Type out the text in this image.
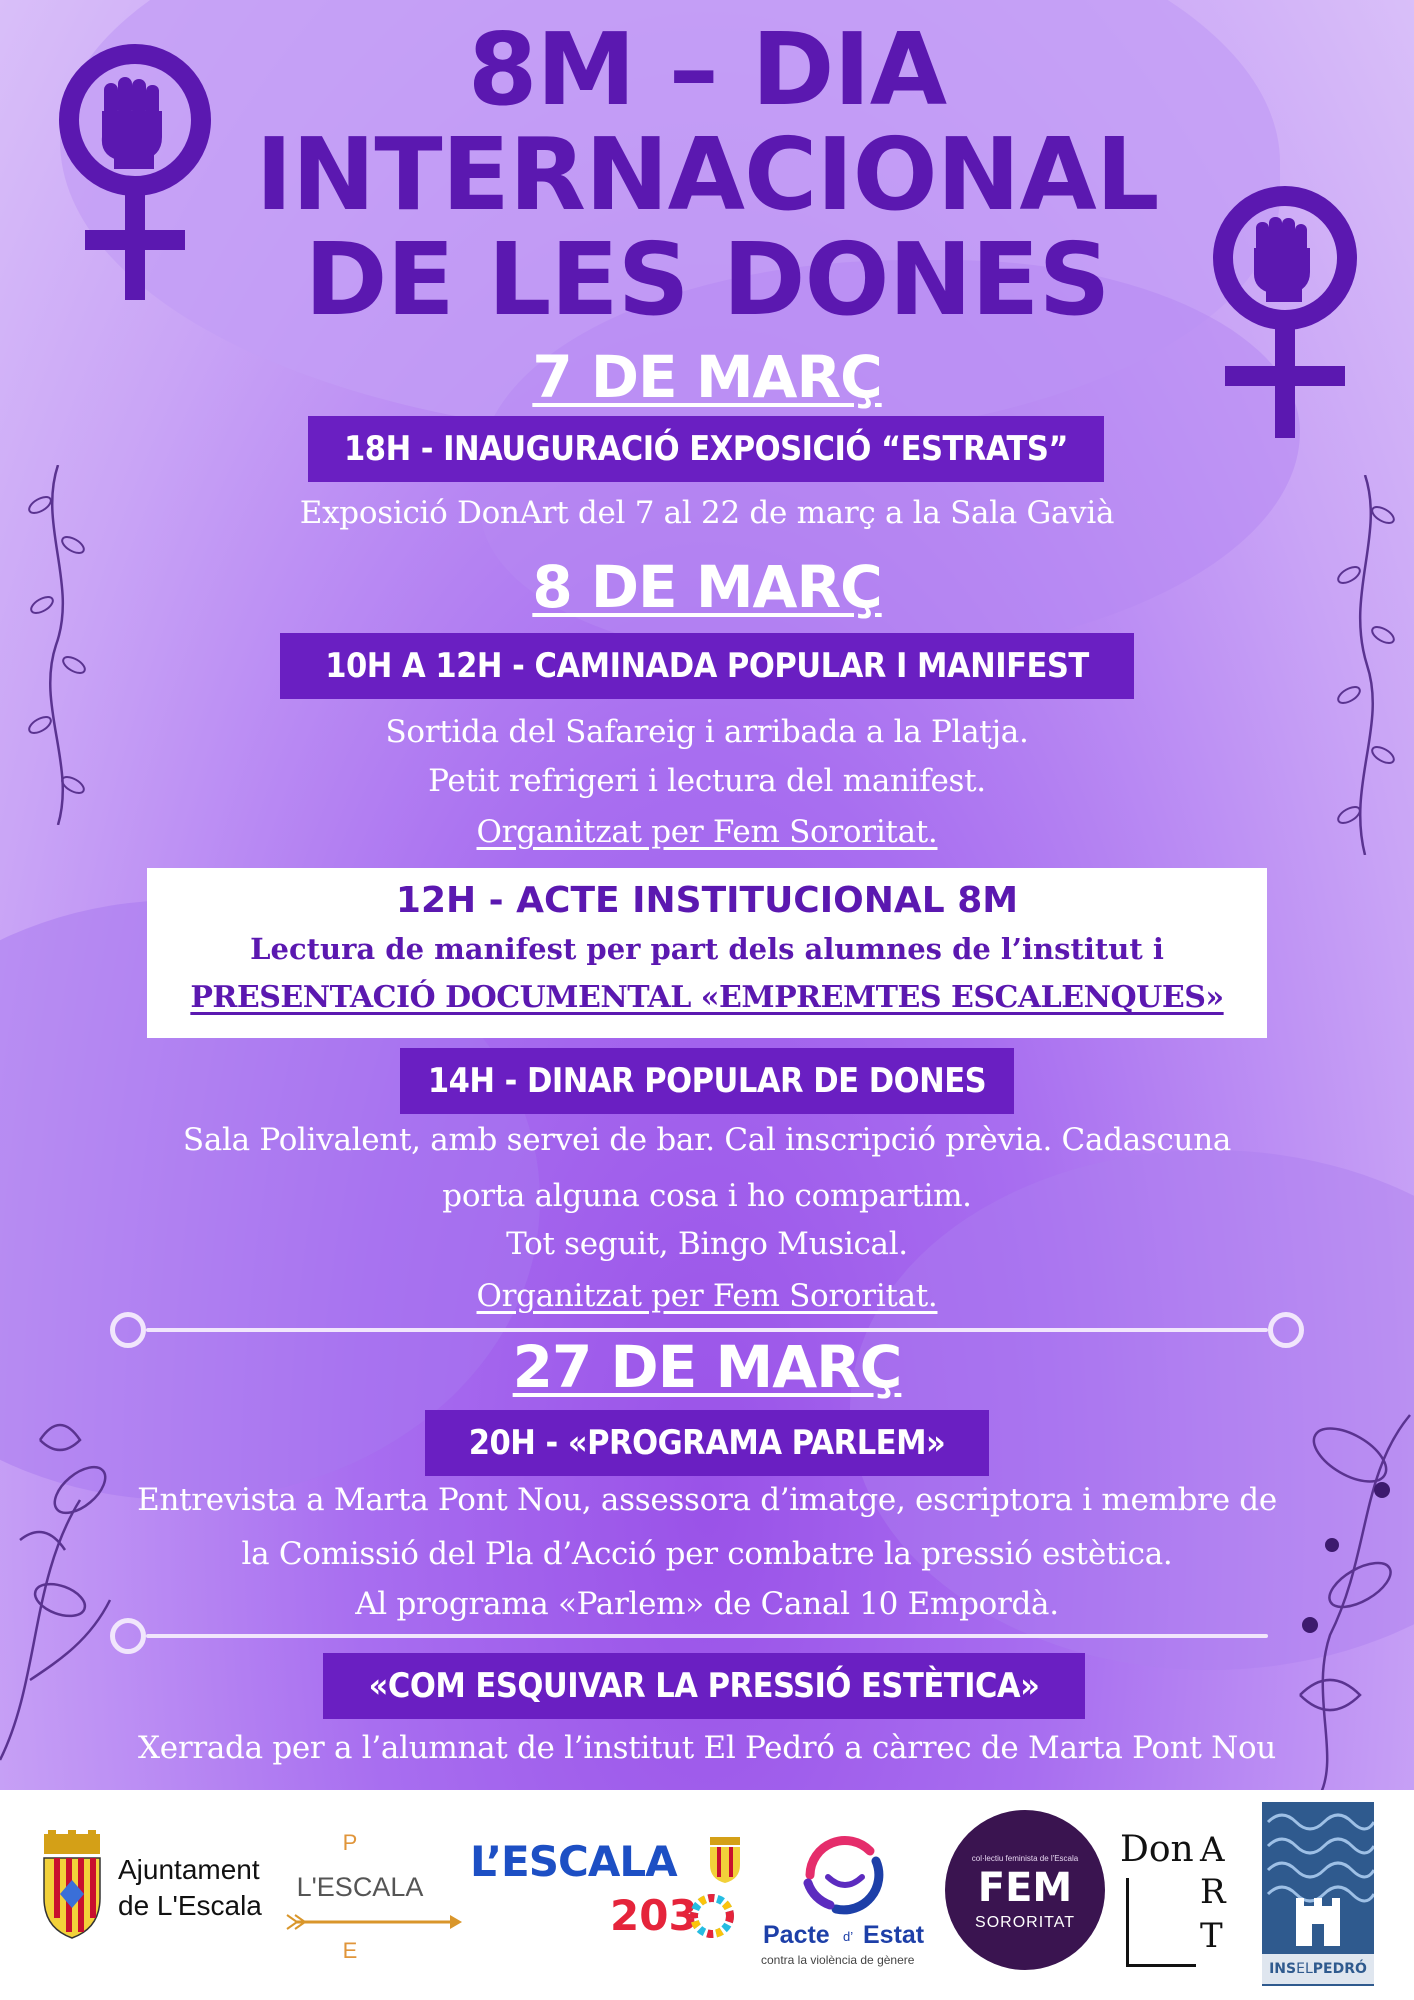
8M – DIA
INTERNACIONAL
DE LES DONES
7 DE MARÇ
18H - INAUGURACIÓ EXPOSICIÓ “ESTRATS”
Exposició DonArt del 7 al 22 de març a la Sala Gavià
8 DE MARÇ
10H A 12H - CAMINADA POPULAR I MANIFEST
Sortida del Safareig i arribada a la Platja.
Petit refrigeri i lectura del manifest.
Organitzat per Fem Sororitat.
12H - ACTE INSTITUCIONAL 8M
Lectura de manifest per part dels alumnes de l’institut i
PRESENTACIÓ DOCUMENTAL «EMPREMTES ESCALENQUES»
14H - DINAR POPULAR DE DONES
Sala Polivalent, amb servei de bar. Cal inscripció prèvia. Cadascuna
porta alguna cosa i ho compartim.
Tot seguit, Bingo Musical.
Organitzat per Fem Sororitat.
27 DE MARÇ
20H - «PROGRAMA PARLEM»
Entrevista a Marta Pont Nou, assessora d’imatge, escriptora i membre de
la Comissió del Pla d’Acció per combatre la pressió estètica.
Al programa «Parlem» de Canal 10 Empordà.
«COM ESQUIVAR LA PRESSIÓ ESTÈTICA»
Xerrada per a l’alumnat de l’institut El Pedró a càrrec de Marta Pont Nou
Ajuntament
de L'Escala
P
L'ESCALA
E
L’ESCALA
203	Pacte d’ Estat
contra la violència de gènere
col·lectiu feminista de l'Escala
FEM
SORORITAT
Don A
R
T
INSELPEDRÓ
